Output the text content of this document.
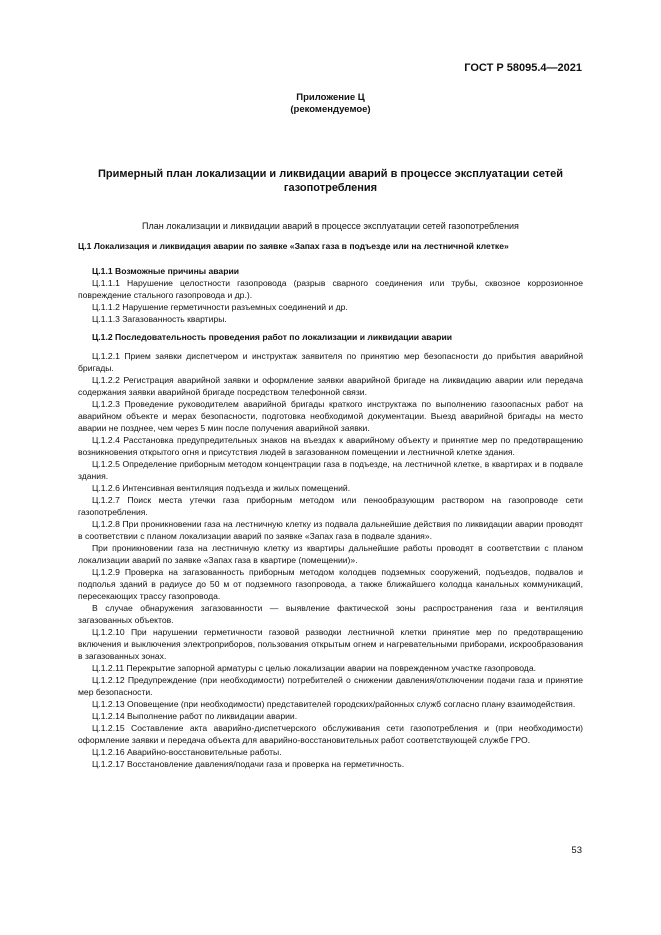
ГОСТ Р 58095.4—2021
Приложение Ц
(рекомендуемое)
Примерный план локализации и ликвидации аварий в процессе эксплуатации сетей газопотребления
План локализации и ликвидации аварий в процессе эксплуатации сетей газопотребления

Ц.1 Локализация и ликвидация аварии по заявке «Запах газа в подъезде или на лестничной клетке»

Ц.1.1 Возможные причины аварии

Ц.1.1.1 Нарушение целостности газопровода (разрыв сварного соединения или трубы, сквозное коррозионное повреждение стального газопровода и др.).

Ц.1.1.2 Нарушение герметичности разъемных соединений и др.

Ц.1.1.3 Загазованность квартиры.

Ц.1.2 Последовательность проведения работ по локализации и ликвидации аварии

Ц.1.2.1 Прием заявки диспетчером и инструктаж заявителя по принятию мер безопасности до прибытия аварийной бригады.

Ц.1.2.2 Регистрация аварийной заявки и оформление заявки аварийной бригаде на ликвидацию аварии или передача содержания заявки аварийной бригаде посредством телефонной связи.

Ц.1.2.3 Проведение руководителем аварийной бригады краткого инструктажа по выполнению газоопасных работ на аварийном объекте и мерах безопасности, подготовка необходимой документации. Выезд аварийной бригады на место аварии не позднее, чем через 5 мин после получения аварийной заявки.

Ц.1.2.4 Расстановка предупредительных знаков на въездах к аварийному объекту и принятие мер по предотвращению возникновения открытого огня и присутствия людей в загазованном помещении и лестничной клетке здания.

Ц.1.2.5 Определение приборным методом концентрации газа в подъезде, на лестничной клетке, в квартирах и в подвале здания.

Ц.1.2.6 Интенсивная вентиляция подъезда и жилых помещений.

Ц.1.2.7 Поиск места утечки газа приборным методом или пенообразующим раствором на газопроводе сети газопотребления.

Ц.1.2.8 При проникновении газа на лестничную клетку из подвала дальнейшие действия по ликвидации аварии проводят в соответствии с планом локализации аварий по заявке «Запах газа в подвале здания».

При проникновении газа на лестничную клетку из квартиры дальнейшие работы проводят в соответствии с планом локализации аварий по заявке «Запах газа в квартире (помещении)».

Ц.1.2.9 Проверка на загазованность приборным методом колодцев подземных сооружений, подъездов, подвалов и подполья зданий в радиусе до 50 м от подземного газопровода, а также ближайшего колодца канальных коммуникаций, пересекающих трассу газопровода.

В случае обнаружения загазованности — выявление фактической зоны распространения газа и вентиляция загазованных объектов.

Ц.1.2.10 При нарушении герметичности газовой разводки лестничной клетки принятие мер по предотвращению включения и выключения электроприборов, пользования открытым огнем и нагревательными приборами, искрообразования в загазованных зонах.

Ц.1.2.11 Перекрытие запорной арматуры с целью локализации аварии на поврежденном участке газопровода.

Ц.1.2.12 Предупреждение (при необходимости) потребителей о снижении давления/отключении подачи газа и принятие мер безопасности.

Ц.1.2.13 Оповещение (при необходимости) представителей городских/районных служб согласно плану взаимодействия.

Ц.1.2.14 Выполнение работ по ликвидации аварии.

Ц.1.2.15 Составление акта аварийно-диспетчерского обслуживания сети газопотребления и (при необходимости) оформление заявки и передача объекта для аварийно-восстановительных работ соответствующей службе ГРО.

Ц.1.2.16 Аварийно-восстановительные работы.

Ц.1.2.17 Восстановление давления/подачи газа и проверка на герметичность.

53
